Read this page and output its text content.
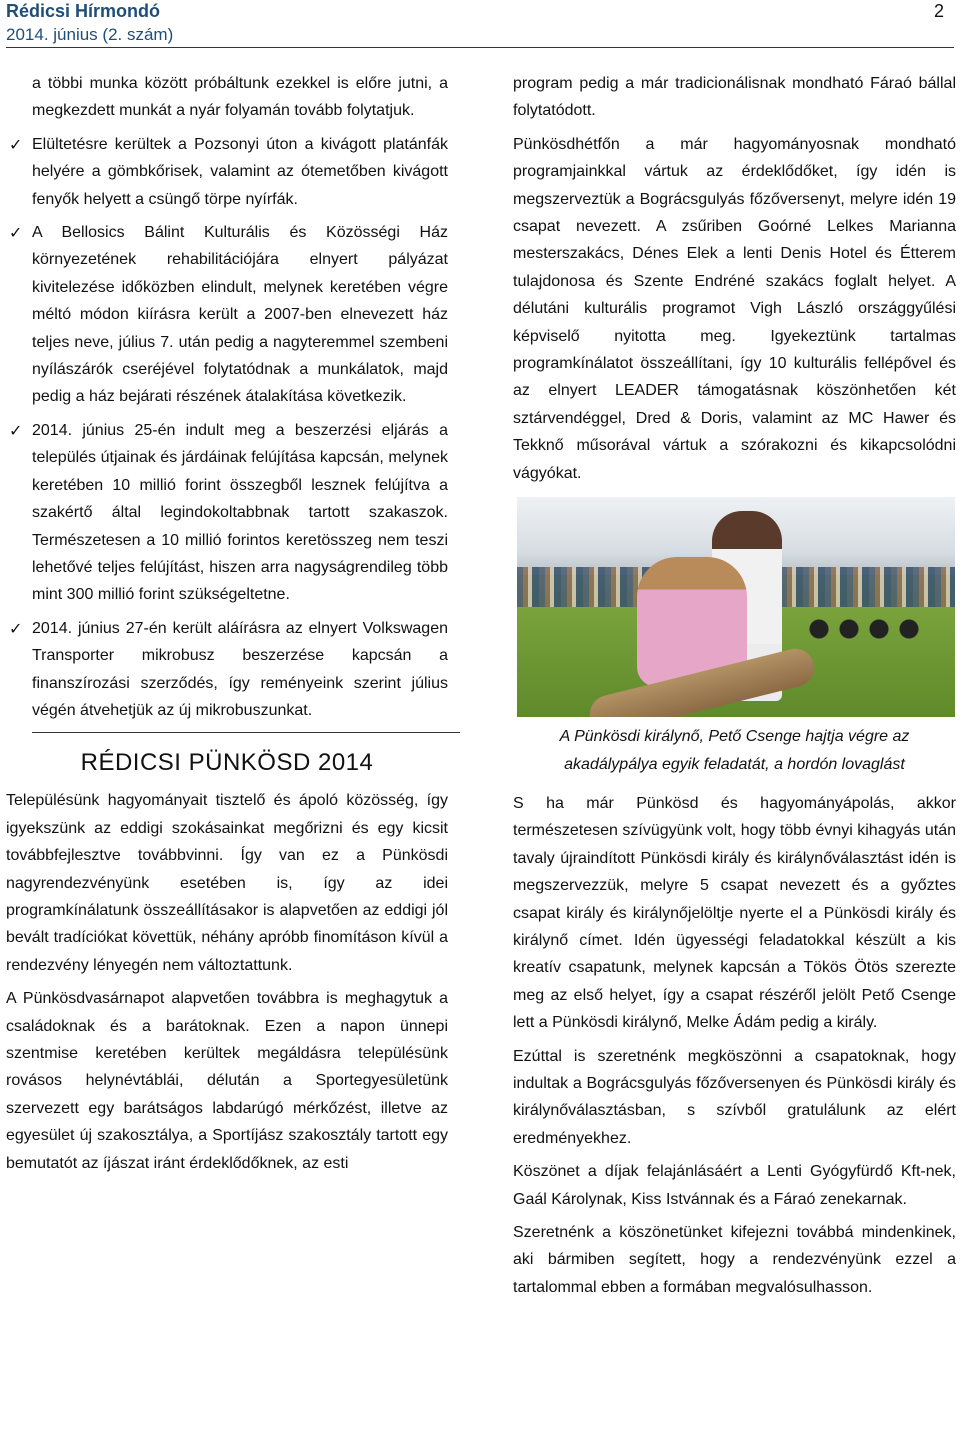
Rédicsi Hírmondó
2014. június (2. szám)
2
a többi munka között próbáltunk ezekkel is előre jutni, a megkezdett munkát a nyár folyamán tovább folytatjuk.
✓ Elültetésre kerültek a Pozsonyi úton a kivágott platánfák helyére a gömbkőrisek, valamint az ótemetőben kivágott fenyők helyett a csüngő törpe nyírfák.
✓ A Bellosics Bálint Kulturális és Közösségi Ház környezetének rehabilitációjára elnyert pályázat kivitelezése időközben elindult, melynek keretében végre méltó módon kiírásra került a 2007-ben elnevezett ház teljes neve, július 7. után pedig a nagyteremmel szembeni nyílászárók cseréjével folytatódnak a munkálatok, majd pedig a ház bejárati részének átalakítása következik.
✓ 2014. június 25-én indult meg a beszerzési eljárás a település útjainak és járdáinak felújítása kapcsán, melynek keretében 10 millió forint összegből lesznek felújítva a szakértő által legindokoltabbnak tartott szakaszok. Természetesen a 10 millió forintos keretösszeg nem teszi lehetővé teljes felújítást, hiszen arra nagyságrendileg több mint 300 millió forint szükségeltetne.
✓ 2014. június 27-én került aláírásra az elnyert Volkswagen Transporter mikrobusz beszerzése kapcsán a finanszírozási szerződés, így reményeink szerint július végén átvehetjük az új mikrobuszunkat.
RÉDICSI PÜNKÖSD 2014

Településünk hagyományait tisztelő és ápoló közösség, így igyekszünk az eddigi szokásainkat megőrizni és egy kicsit továbbfejlesztve továbbvinni. Így van ez a Pünkösdi nagyrendezvényünk esetében is, így az idei programkínálatunk összeállításakor is alapvetően az eddigi jól bevált tradíciókat követtük, néhány apróbb finomításon kívül a rendezvény lényegén nem változtattunk.

A Pünkösdvasárnapot alapvetően továbbra is meghagytuk a családoknak és a barátoknak. Ezen a napon ünnepi szentmise keretében kerültek megáldásra településünk rovásos helynévtáblái, délután a Sportegyesületünk szervezett egy barátságos labdarúgó mérkőzést, illetve az egyesület új szakosztálya, a Sportíjász szakosztály tartott egy bemutatót az íjászat iránt érdeklődőknek, az esti

program pedig a már tradicionálisnak mondható Fáraó bállal folytatódott.

Pünkösdhétfőn a már hagyományosnak mondható programjainkkal vártuk az érdeklődőket, így idén is megszerveztük a Bográcsgulyás főzőversenyt, melyre idén 19 csapat nevezett. A zsűriben Goórné Lelkes Marianna mesterszakács, Dénes Elek a lenti Denis Hotel és Étterem tulajdonosa és Szente Endréné szakács foglalt helyet. A délutáni kulturális programot Vigh László országgyűlési képviselő nyitotta meg. Igyekeztünk tartalmas programkínálatot összeállítani, így 10 kulturális fellépővel és az elnyert LEADER támogatásnak köszönhetően két sztárvendéggel, Dred & Doris, valamint az MC Hawer és Tekknő műsorával vártuk a szórakozni és kikapcsolódni vágyókat.

A Pünkösdi királynő, Pető Csenge hajtja végre az akadálypálya egyik feladatát, a hordón lovaglást

S ha már Pünkösd és hagyományápolás, akkor természetesen szívügyünk volt, hogy több évnyi kihagyás után tavaly újraindított Pünkösdi király és királynőválasztást idén is megszervezzük, melyre 5 csapat nevezett és a győztes csapat király és királynőjelöltje nyerte el a Pünkösdi király és királynő címet. Idén ügyességi feladatokkal készült a kis kreatív csapatunk, melynek kapcsán a Tökös Ötös szerezte meg az első helyet, így a csapat részéről jelölt Pető Csenge lett a Pünkösdi királynő, Melke Ádám pedig a király.

Ezúttal is szeretnénk megköszönni a csapatoknak, hogy indultak a Bográcsgulyás főzőversenyen és Pünkösdi király és királynőválasztásban, s szívből gratulálunk az elért eredményekhez.

Köszönet a díjak felajánlásáért a Lenti Gyógyfürdő Kft-nek, Gaál Károlynak, Kiss Istvánnak és a Fáraó zenekarnak.

Szeretnénk a köszönetünket kifejezni továbbá mindenkinek, aki bármiben segített, hogy a rendezvényünk ezzel a tartalommal ebben a formában megvalósulhasson.
